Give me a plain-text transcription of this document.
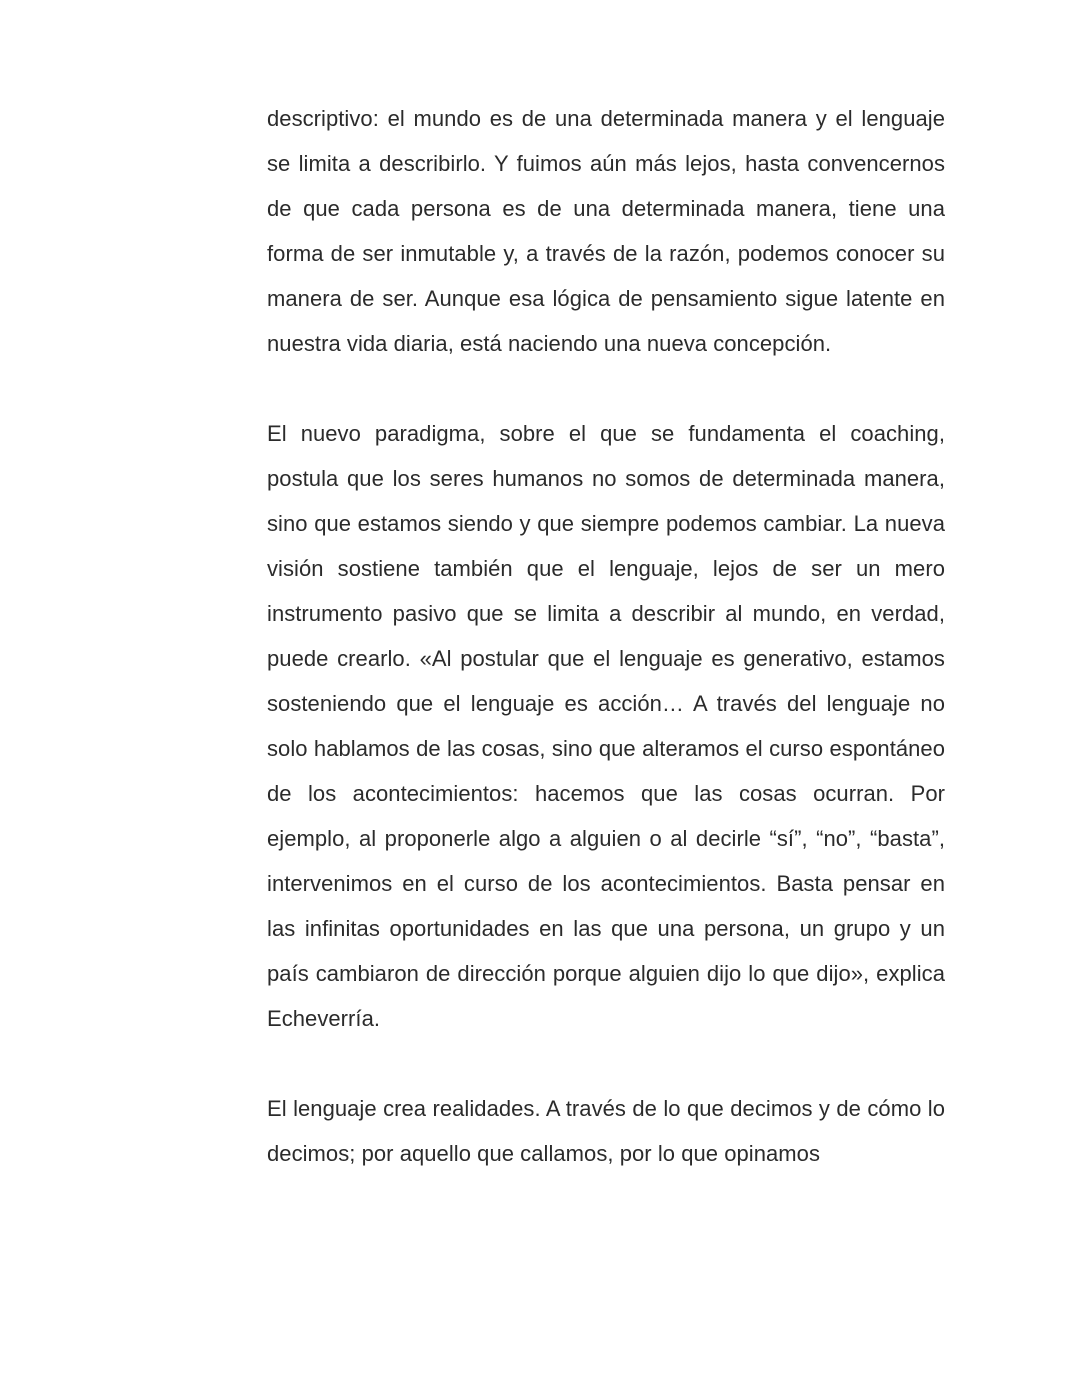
descriptivo: el mundo es de una determinada manera y el lenguaje se limita a describirlo. Y fuimos aún más lejos, hasta convencernos de que cada persona es de una determinada manera, tiene una forma de ser inmutable y, a través de la razón, podemos conocer su manera de ser. Aunque esa lógica de pensamiento sigue latente en nuestra vida diaria, está naciendo una nueva concepción.

El nuevo paradigma, sobre el que se fundamenta el coaching, postula que los seres humanos no somos de determinada manera, sino que estamos siendo y que siempre podemos cambiar. La nueva visión sostiene también que el lenguaje, lejos de ser un mero instrumento pasivo que se limita a describir al mundo, en verdad, puede crearlo. «Al postular que el lenguaje es generativo, estamos sosteniendo que el lenguaje es acción… A través del lenguaje no solo hablamos de las cosas, sino que alteramos el curso espontáneo de los acontecimientos: hacemos que las cosas ocurran. Por ejemplo, al proponerle algo a alguien o al decirle “sí”, “no”, “basta”, intervenimos en el curso de los acontecimientos. Basta pensar en las infinitas oportunidades en las que una persona, un grupo y un país cambiaron de dirección porque alguien dijo lo que dijo», explica Echeverría.

El lenguaje crea realidades. A través de lo que decimos y de cómo lo decimos; por aquello que callamos, por lo que opinamos
